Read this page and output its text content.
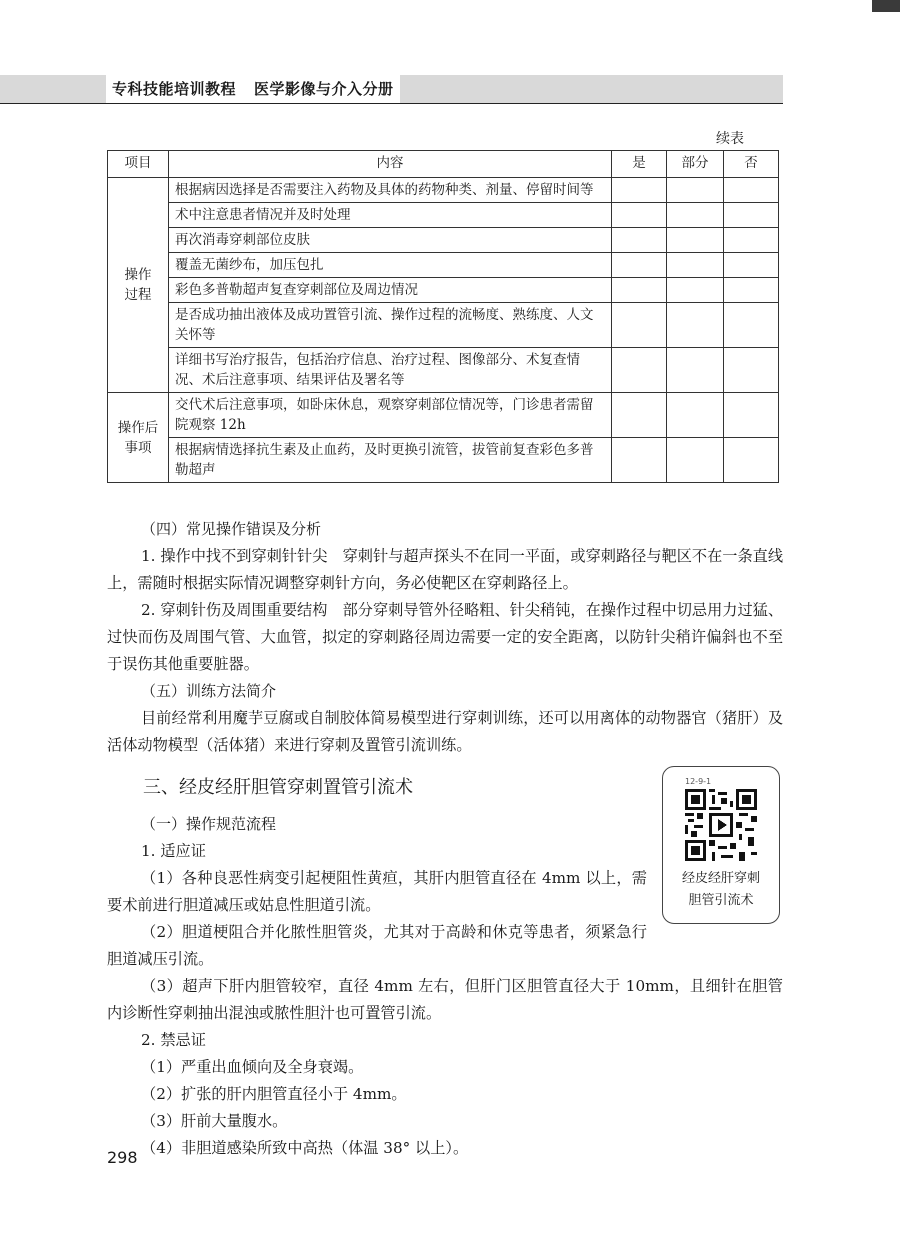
专科技能培训教程 医学影像与介入分册
续表
项目	内容	是	部分	否

操作
过程	根据病因选择是否需要注入药物及具体的药物种类、剂量、停留时间等			
	术中注意患者情况并及时处理			
	再次消毒穿刺部位皮肤			
	覆盖无菌纱布，加压包扎			
	彩色多普勒超声复查穿刺部位及周边情况			
	是否成功抽出液体及成功置管引流、操作过程的流畅度、熟练度、人文关怀等			
	详细书写治疗报告，包括治疗信息、治疗过程、图像部分、术复查情况、术后注意事项、结果评估及署名等			

操作后
事项	交代术后注意事项，如卧床休息，观察穿刺部位情况等，门诊患者需留院观察 12h			
	根据病情选择抗生素及止血药，及时更换引流管，拔管前复查彩色多普勒超声			
（四）常见操作错误及分析

1. 操作中找不到穿刺针针尖　穿刺针与超声探头不在同一平面，或穿刺路径与靶区不在一条直线上，需随时根据实际情况调整穿刺针方向，务必使靶区在穿刺路径上。

2. 穿刺针伤及周围重要结构　部分穿刺导管外径略粗、针尖稍钝，在操作过程中切忌用力过猛、过快而伤及周围气管、大血管，拟定的穿刺路径周边需要一定的安全距离，以防针尖稍许偏斜也不至于误伤其他重要脏器。

（五）训练方法简介

目前经常利用魔芋豆腐或自制胶体简易模型进行穿刺训练，还可以用离体的动物器官（猪肝）及活体动物模型（活体猪）来进行穿刺及置管引流训练。

三、经皮经肝胆管穿刺置管引流术
（一）操作规范流程

1. 适应证

（1）各种良恶性病变引起梗阻性黄疸，其肝内胆管直径在 4mm 以上，需要术前进行胆道减压或姑息性胆道引流。

（2）胆道梗阻合并化脓性胆管炎，尤其对于高龄和休克等患者，须紧急行胆道减压引流。

（3）超声下肝内胆管较窄，直径 4mm 左右，但肝门区胆管直径大于 10mm，且细针在胆管内诊断性穿刺抽出混浊或脓性胆汁也可置管引流。

2. 禁忌证

（1）严重出血倾向及全身衰竭。

（2）扩张的肝内胆管直径小于 4mm。

（3）肝前大量腹水。

（4）非胆道感染所致中高热（体温 38° 以上）。

12-9-1
经皮经肝穿刺
胆管引流术
298
